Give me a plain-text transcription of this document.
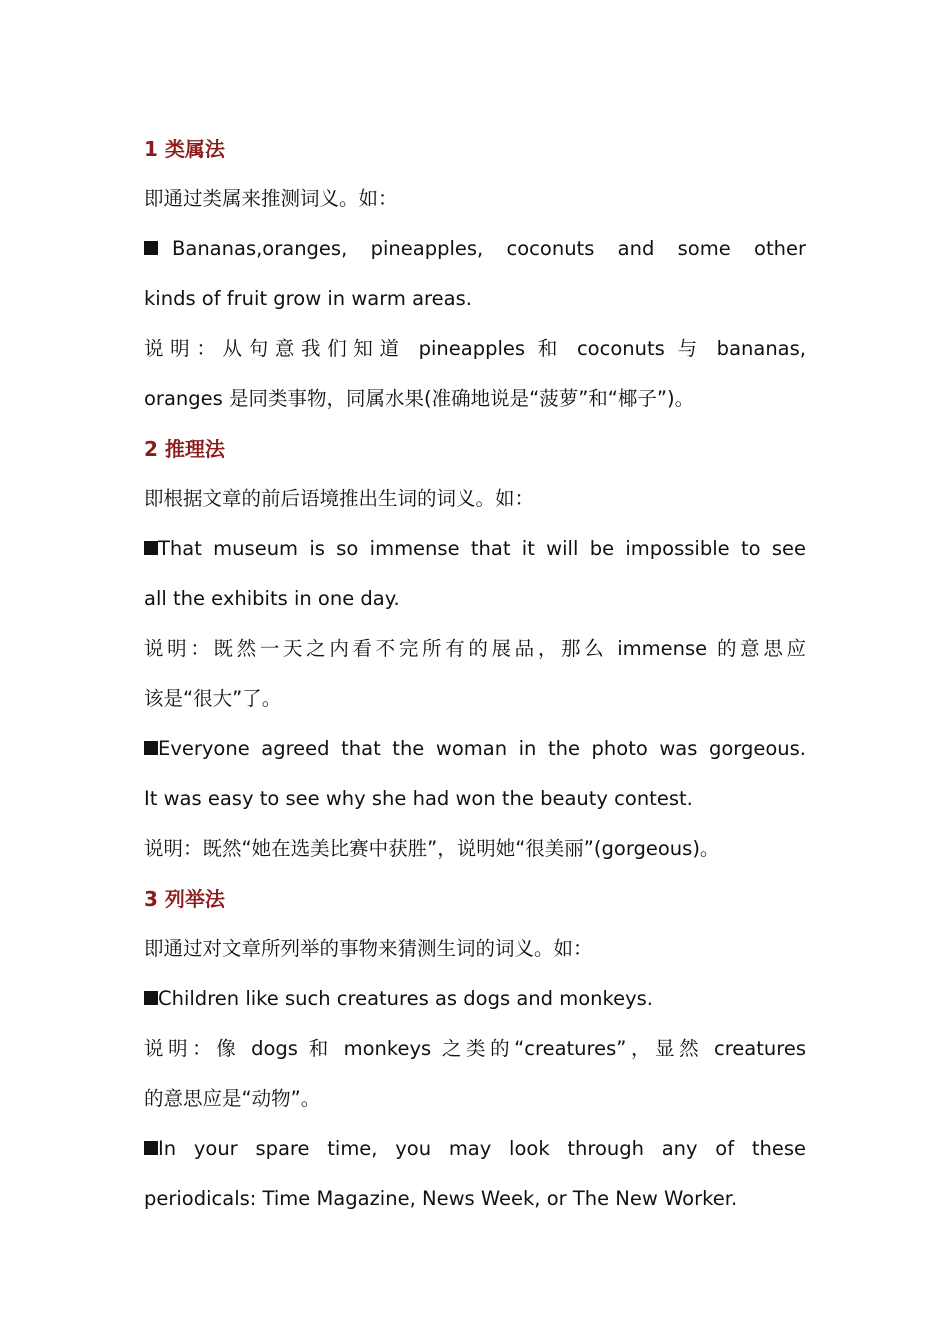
1 类属法
即通过类属来推测词义。如：
Bananas,oranges, pineapples, coconuts and some other
kinds of fruit grow in warm areas.
说明：从句意我们知道 pineapples 和 coconuts 与 bananas,
oranges 是同类事物，同属水果(准确地说是“菠萝”和“椰子”)。
2 推理法
即根据文章的前后语境推出生词的词义。如：
That museum is so immense that it will be impossible to see
all the exhibits in one day.
说明：既然一天之内看不完所有的展品，那么 immense 的意思应
该是“很大”了。
Everyone agreed that the woman in the photo was gorgeous.
It was easy to see why she had won the beauty contest.
说明：既然“她在选美比赛中获胜”，说明她“很美丽”(gorgeous)。
3 列举法
即通过对文章所列举的事物来猜测生词的词义。如：
Children like such creatures as dogs and monkeys.
说明：像 dogs 和 monkeys 之类的“creatures”，显然 creatures
的意思应是“动物”。
In your spare time, you may look through any of these
periodicals: Time Magazine, News Week, or The New Worker.
